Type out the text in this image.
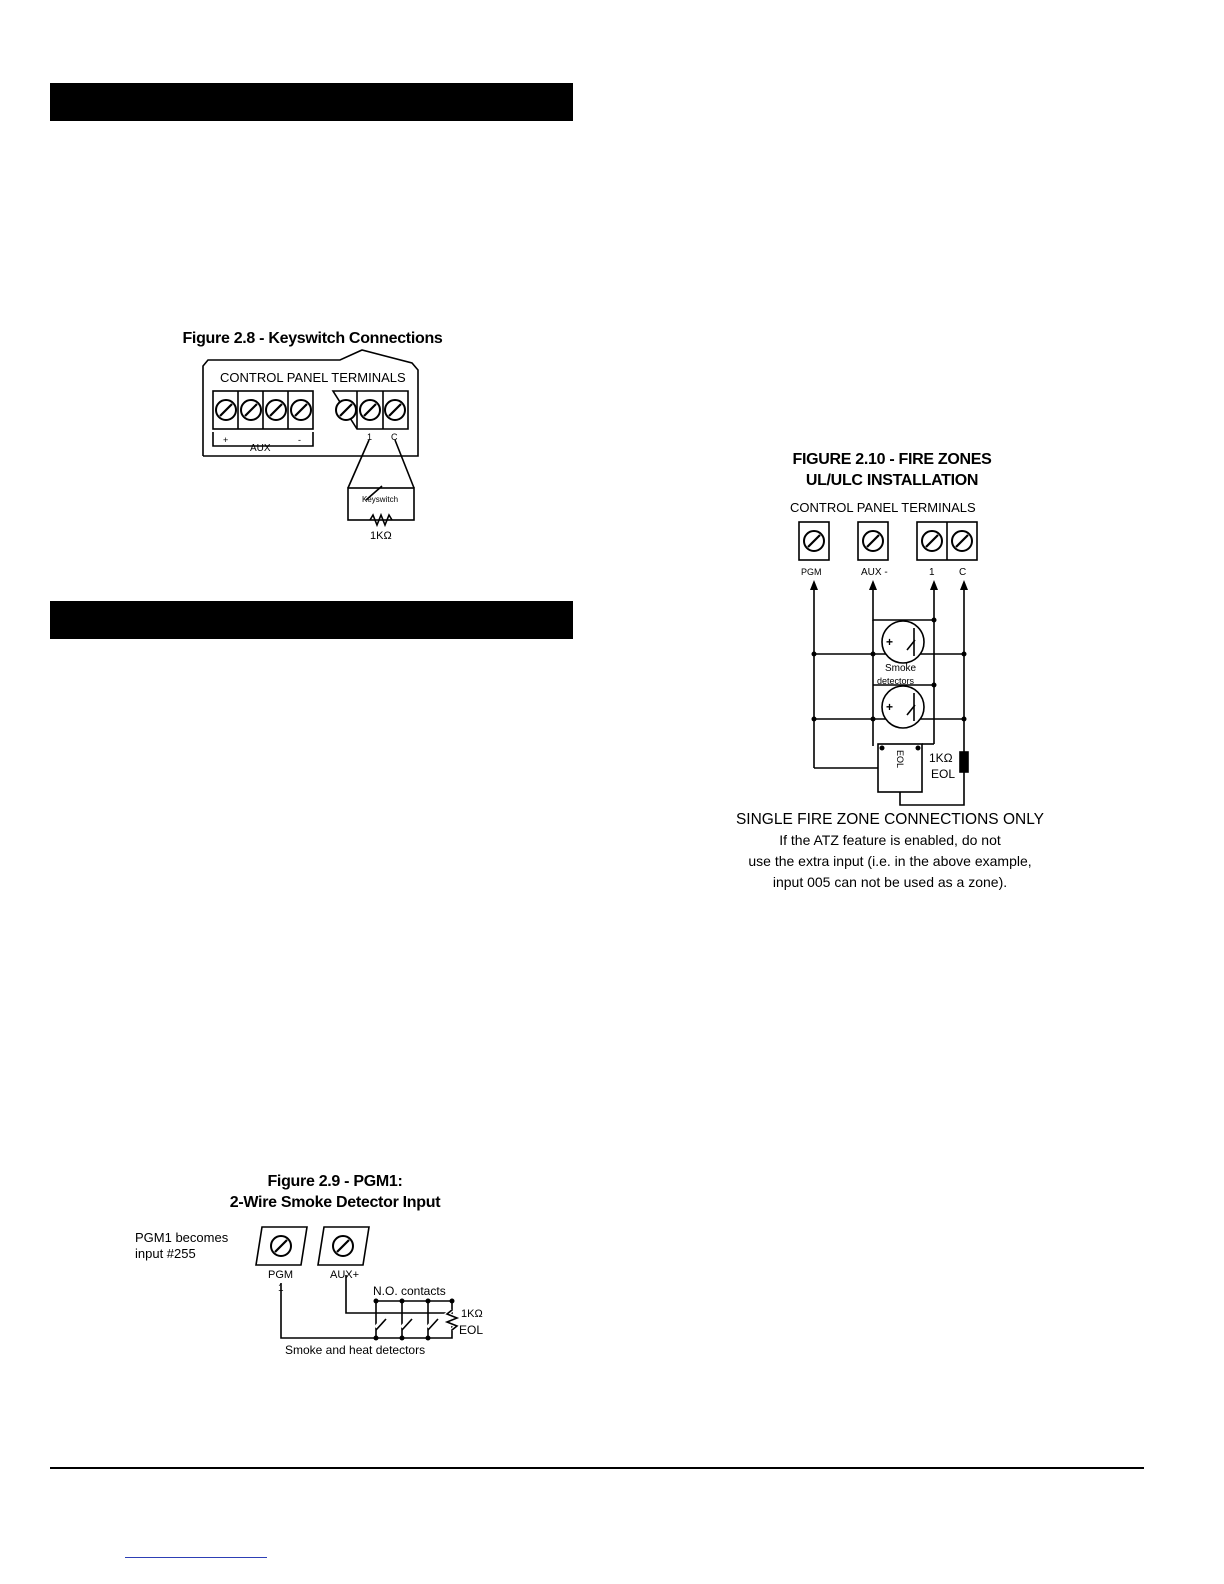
Figure 2.8 - Keyswitch Connections
Figure 2.9 - PGM1:
2-Wire Smoke Detector Input
FIGURE 2.10 - FIRE ZONES
UL/ULC INSTALLATION
SINGLE FIRE ZONE CONNECTIONS ONLY
If the ATZ feature is enabled, do not
use the extra input (i.e. in the above example,
input 005 can not be used as a zone).
CONTROL PANEL TERMINALS
AUX
+	-	1 C
Keyswitch
1KΩ
PGM1 becomes
input #255
PGM
1
AUX+
N.O. contacts
1KΩ
EOL
Smoke and heat detectors
CONTROL PANEL TERMINALS
PGM	AUX -	1 C
+
+
Smoke
detectors
EOL 1KΩ
EOL
